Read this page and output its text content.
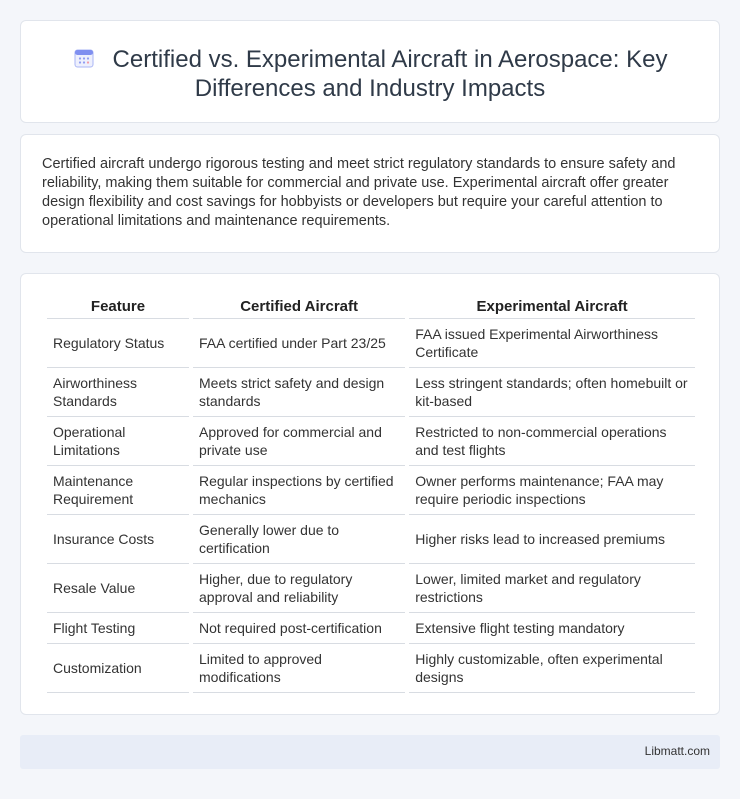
Certified vs. Experimental Aircraft in Aerospace: Key Differences and Industry Impacts

Certified aircraft undergo rigorous testing and meet strict regulatory standards to ensure safety and reliability, making them suitable for commercial and private use. Experimental aircraft offer greater design flexibility and cost savings for hobbyists or developers but require your careful attention to operational limitations and maintenance requirements.

Feature	Certified Aircraft	Experimental Aircraft
Regulatory Status	FAA certified under Part 23/25	FAA issued Experimental Airworthiness Certificate
Airworthiness Standards	Meets strict safety and design standards	Less stringent standards; often homebuilt or kit-based
Operational Limitations	Approved for commercial and private use	Restricted to non-commercial operations and test flights
Maintenance Requirement	Regular inspections by certified mechanics	Owner performs maintenance; FAA may require periodic inspections
Insurance Costs	Generally lower due to certification	Higher risks lead to increased premiums
Resale Value	Higher, due to regulatory approval and reliability	Lower, limited market and regulatory restrictions
Flight Testing	Not required post-certification	Extensive flight testing mandatory
Customization	Limited to approved modifications	Highly customizable, often experimental designs
Libmatt.com
